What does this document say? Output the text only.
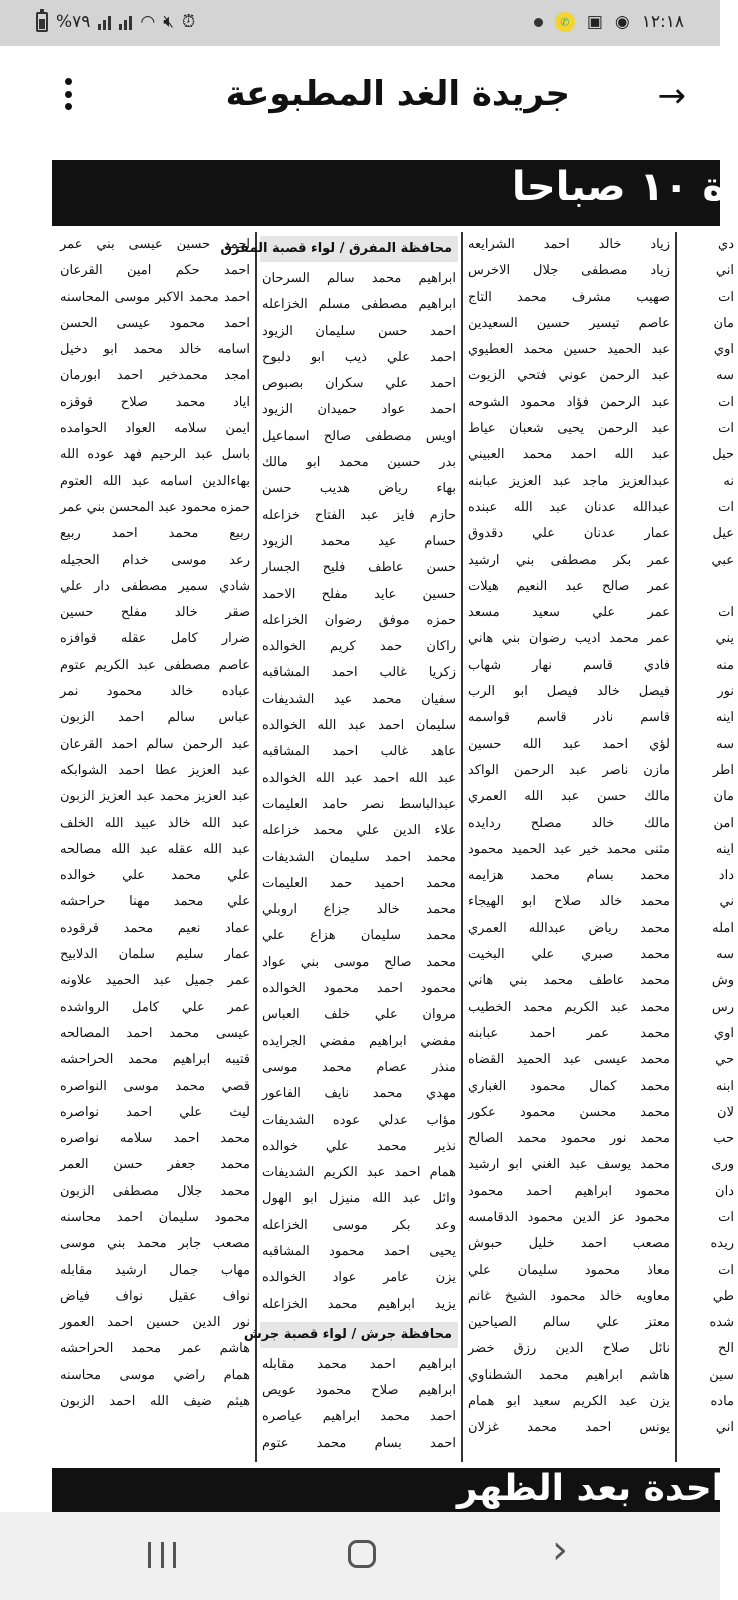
%٧٩	◠ 🔇︎ ⏰︎	✆	▣ ◉ ١٢:١٨
جريدة الغد المطبوعة	→
ة ١٠ صباحا
احمد حسين عيسى بني عمر
احمد حكم امين القرعان
احمد محمد الاكبر موسى المحاسنه
احمد محمود عيسى الحسن
اسامه خالد محمد ابو دخيل
امجد محمدخير احمد ابورمان
اياد محمد صلاح قوقزه
ايمن سلامه العواد الحوامده
باسل عبد الرحيم فهد عوده الله
بهاءالدين اسامه عبد الله العتوم
حمزه محمود عبد المحسن بني عمر
ربيع محمد احمد ربيع
رعد موسى خدام الحجيله
شادي سمير مصطفى دار علي
صقر خالد مفلح حسين
ضرار كامل عقله قوافزه
عاصم مصطفى عبد الكريم عتوم
عباده خالد محمود نمر
عباس سالم احمد الزبون
عبد الرحمن سالم احمد القرعان
عبد العزيز عطا احمد الشوابكه
عبد العزيز محمد عبد العزيز الزبون
عبد الله خالد عبيد الله الخلف
عبد الله عقله عبد الله مصالحه
علي محمد علي خوالده
علي محمد مهنا حراحشه
عماد نعيم محمد قرقوده
عمار سليم سلمان الدلابيح
عمر جميل عبد الحميد علاونه
عمر علي كامل الرواشده
عيسى محمد احمد المصالحه
قتيبه ابراهيم محمد الحراحشه
قصي محمد موسى النواصره
ليث علي احمد نواصره
محمد احمد سلامه نواصره
محمد جعفر حسن العمر
محمد جلال مصطفى الزبون
محمود سليمان احمد محاسنه
مصعب جابر محمد بني موسى
مهاب جمال ارشيد مقابله
نواف عقيل نواف فياض
نور الدين حسين احمد العمور
هاشم عمر محمد الحراحشه
همام راضي موسى محاسنه
هيثم ضيف الله احمد الزبون
محافظة المفرق / لواء قصبة المفرق
ابراهيم محمد سالم السرحان
ابراهيم مصطفى مسلم الخزاعله
احمد حسن سليمان الزيود
احمد علي ذيب ابو دلبوح
احمد علي سكران بصبوص
احمد عواد حميدان الزيود
اويس مصطفى صالح اسماعيل
بدر حسين محمد ابو مالك
بهاء رياض هديب حسن
حازم فايز عبد الفتاح خزاعله
حسام عيد محمد الزيود
حسن عاطف فليح الجسار
حسين عايد مفلح الاحمد
حمزه موفق رضوان الخزاعله
راكان حمد كريم الخوالده
زكريا غالب احمد المشاقبه
سفيان محمد عيد الشديفات
سليمان احمد عبد الله الخوالده
عاهد غالب احمد المشاقبه
عبد الله احمد عبد الله الخوالده
عبدالباسط نصر حامد العليمات
علاء الدين علي محمد خزاعله
محمد احمد سليمان الشديفات
محمد احميد حمد العليمات
محمد خالد جزاع اروبلي
محمد سليمان هزاع علي
محمد صالح موسى بني عواد
محمود احمد محمود الخوالده
مروان علي خلف العباس
مفضي ابراهيم مفضي الجرايده
منذر عصام محمد موسى
مهدي محمد نايف الفاعور
مؤاب عدلي عوده الشديفات
نذير محمد علي خوالده
همام احمد عبد الكريم الشديفات
وائل عبد الله منيزل ابو الهول
وعد بكر موسى الخزاعله
يحيى احمد محمود المشاقبه
يزن عامر عواد الخوالده
يزيد ابراهيم محمد الخزاعله
محافظة جرش / لواء قصبة جرش
ابراهيم احمد محمد مقابله
ابراهيم صلاح محمود عويص
احمد محمد ابراهيم عياصره
احمد بسام محمد عتوم
زياد خالد احمد الشرايعه
زياد مصطفى جلال الاخرس
صهيب مشرف محمد التاج
عاصم تيسير حسين السعيدين
عبد الحميد حسين محمد العطيوي
عبد الرحمن عوني فتحي الزيوت
عبد الرحمن فؤاد محمود الشوحه
عبد الرحمن يحيى شعبان عياط
عبد الله احمد محمد العبيني
عبدالعزيز ماجد عبد العزيز عبابنه
عبدالله عدنان عبد الله عبنده
عمار عدنان علي دقدوق
عمر بكر مصطفى بني ارشيد
عمر صالح عبد النعيم هيلات
عمر علي سعيد مسعد
عمر محمد اديب رضوان بني هاني
فادي قاسم نهار شهاب
فيصل خالد فيصل ابو الرب
قاسم نادر قاسم قواسمه
لؤي احمد عبد الله حسين
مازن ناصر عبد الرحمن الواكد
مالك حسن عبد الله العمري
مالك خالد مصلح ردايده
مثنى محمد خير عبد الحميد محمود
محمد بسام محمد هزايمه
محمد خالد صلاح ابو الهيجاء
محمد رياض عبدالله العمري
محمد صبري علي البخيت
محمد عاطف محمد بني هاني
محمد عبد الكريم محمد الخطيب
محمد عمر احمد عبابنه
محمد عيسى عبد الحميد القضاه
محمد كمال محمود الغباري
محمد محسن محمود عكور
محمد نور محمود محمد الصالح
محمد يوسف عبد الغني ابو ارشيد
محمود ابراهيم احمد محمود
محمود عز الدين محمود الدقامسه
مصعب احمد خليل حبوش
معاذ محمود سليمان علي
معاويه خالد محمود الشيخ غانم
معتز علي سالم الصياحين
نائل صلاح الدين رزق خضر
هاشم ابراهيم محمد الشطناوي
يزن عبد الكريم سعيد ابو همام
يونس احمد محمد غزلان
دي
اني
ات
مان
اوي
سه
ات
ات
حيل
نه
ات
عيل
عبي
ات
يني
منه
نور
اينه
سه
اطر
مان
امن
اينه
داد
ني
امله
سه
وش
رس
اوي
حي
ابنه
لان
حب
ورى
دان
ات
ريده
ات
طي
شده
الح
سين
ماده
اني
احدة بعد الظهر
›
